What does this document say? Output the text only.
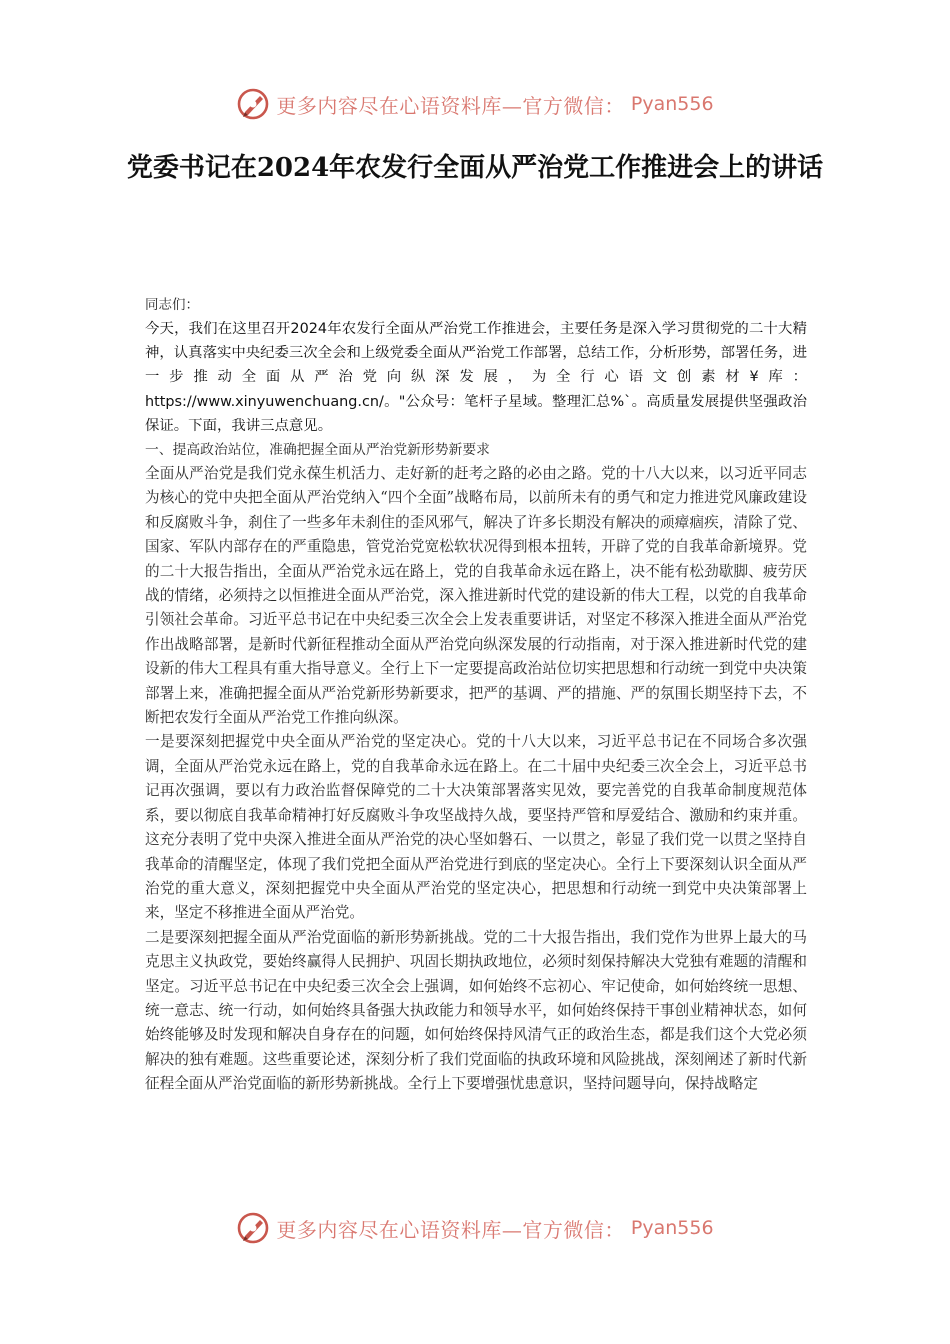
更多内容尽在心语资料库—官方微信： Pyan556
党委书记在2024年农发行全面从严治党工作推进会上的讲话

同志们：

今天，我们在这里召开2024年农发行全面从严治党工作推进会，主要任务是深入学习贯彻党的二十大精神，认真落实中央纪委三次全会和上级党委全面从严治党工作部署，总结工作，分析形势，部署任务，进一步推动全面从严治党向纵深发展，为全行心语文创素材¥库：https://www.xinyuwenchuang.cn/。"公众号：笔杆子星域。整理汇总%`。高质量发展提供坚强政治保证。下面，我讲三点意见。

一、提高政治站位，准确把握全面从严治党新形势新要求

全面从严治党是我们党永葆生机活力、走好新的赶考之路的必由之路。党的十八大以来，以习近平同志为核心的党中央把全面从严治党纳入“四个全面”战略布局，以前所未有的勇气和定力推进党风廉政建设和反腐败斗争，刹住了一些多年未刹住的歪风邪气，解决了许多长期没有解决的顽瘴痼疾，清除了党、国家、军队内部存在的严重隐患，管党治党宽松软状况得到根本扭转，开辟了党的自我革命新境界。党的二十大报告指出，全面从严治党永远在路上，党的自我革命永远在路上，决不能有松劲歇脚、疲劳厌战的情绪，必须持之以恒推进全面从严治党，深入推进新时代党的建设新的伟大工程，以党的自我革命引领社会革命。习近平总书记在中央纪委三次全会上发表重要讲话，对坚定不移深入推进全面从严治党作出战略部署，是新时代新征程推动全面从严治党向纵深发展的行动指南，对于深入推进新时代党的建设新的伟大工程具有重大指导意义。全行上下一定要提高政治站位切实把思想和行动统一到党中央决策部署上来，准确把握全面从严治党新形势新要求，把严的基调、严的措施、严的氛围长期坚持下去，不断把农发行全面从严治党工作推向纵深。

一是要深刻把握党中央全面从严治党的坚定决心。党的十八大以来，习近平总书记在不同场合多次强调，全面从严治党永远在路上，党的自我革命永远在路上。在二十届中央纪委三次全会上，习近平总书记再次强调，要以有力政治监督保障党的二十大决策部署落实见效，要完善党的自我革命制度规范体系，要以彻底自我革命精神打好反腐败斗争攻坚战持久战，要坚持严管和厚爱结合、激励和约束并重。这充分表明了党中央深入推进全面从严治党的决心坚如磐石、一以贯之，彰显了我们党一以贯之坚持自我革命的清醒坚定，体现了我们党把全面从严治党进行到底的坚定决心。全行上下要深刻认识全面从严治党的重大意义，深刻把握党中央全面从严治党的坚定决心，把思想和行动统一到党中央决策部署上来，坚定不移推进全面从严治党。

二是要深刻把握全面从严治党面临的新形势新挑战。党的二十大报告指出，我们党作为世界上最大的马克思主义执政党，要始终赢得人民拥护、巩固长期执政地位，必须时刻保持解决大党独有难题的清醒和坚定。习近平总书记在中央纪委三次全会上强调，如何始终不忘初心、牢记使命，如何始终统一思想、统一意志、统一行动，如何始终具备强大执政能力和领导水平，如何始终保持干事创业精神状态，如何始终能够及时发现和解决自身存在的问题，如何始终保持风清气正的政治生态，都是我们这个大党必须解决的独有难题。这些重要论述，深刻分析了我们党面临的执政环境和风险挑战，深刻阐述了新时代新征程全面从严治党面临的新形势新挑战。全行上下要增强忧患意识，坚持问题导向，保持战略定

更多内容尽在心语资料库—官方微信： Pyan556
